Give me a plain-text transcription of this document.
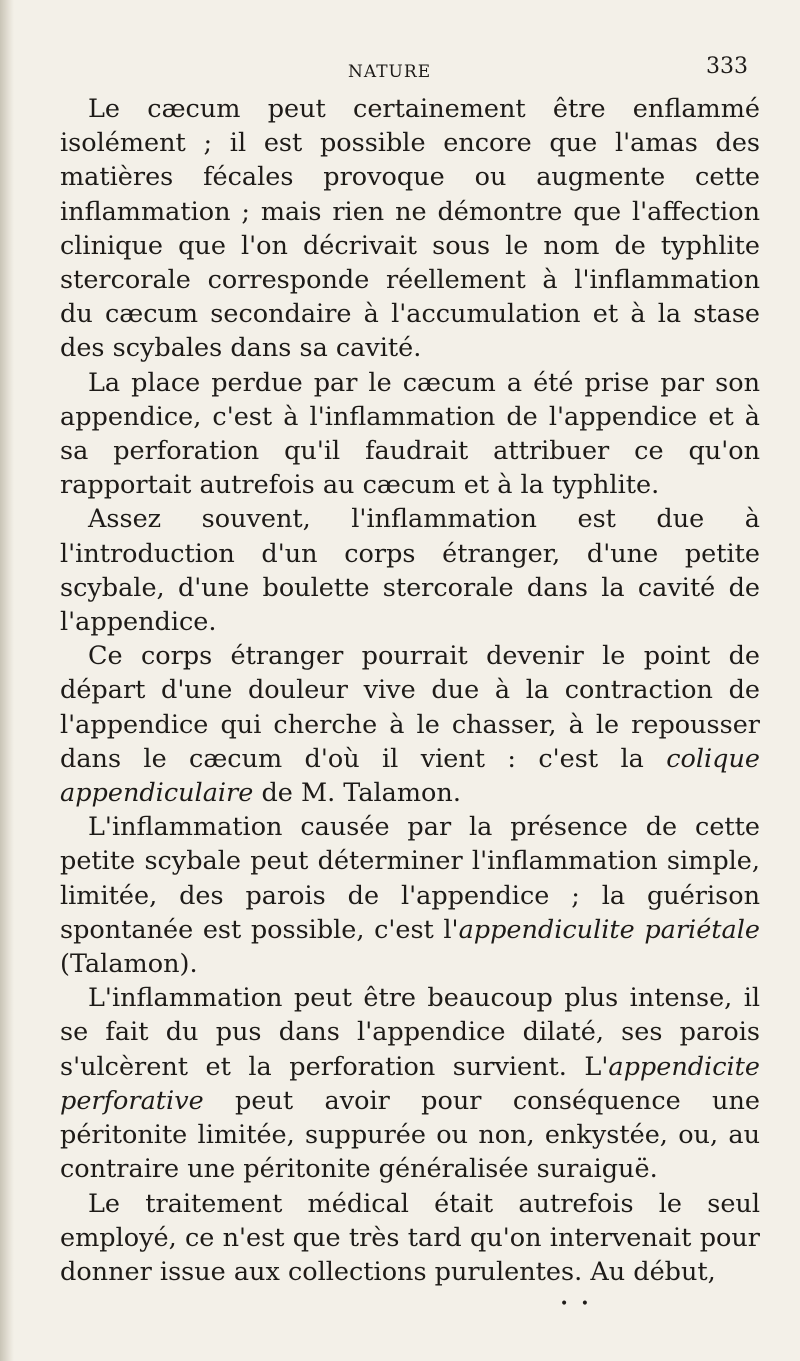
NATURE	333

Le cæcum peut certainement être enflammé isolément ; il est possible encore que l'amas des matières fécales provoque ou augmente cette inflammation ; mais rien ne démontre que l'affection clinique que l'on décrivait sous le nom de typhlite stercorale corresponde réellement à l'inflammation du cæcum secondaire à l'accumulation et à la stase des scybales dans sa cavité.

La place perdue par le cæcum a été prise par son appendice, c'est à l'inflammation de l'appendice et à sa perforation qu'il faudrait attribuer ce qu'on rapportait autrefois au cæcum et à la typhlite.

Assez souvent, l'inflammation est due à l'introduction d'un corps étranger, d'une petite scybale, d'une boulette stercorale dans la cavité de l'appendice.

Ce corps étranger pourrait devenir le point de départ d'une douleur vive due à la contraction de l'appendice qui cherche à le chasser, à le repousser dans le cæcum d'où il vient : c'est la colique appendiculaire de M. Talamon.

L'inflammation causée par la présence de cette petite scybale peut déterminer l'inflammation simple, limitée, des parois de l'appendice ; la guérison spontanée est possible, c'est l'appendiculite pariétale (Talamon).

L'inflammation peut être beaucoup plus intense, il se fait du pus dans l'appendice dilaté, ses parois s'ulcèrent et la perforation survient. L'appendicite perforative peut avoir pour conséquence une péritonite limitée, suppurée ou non, enkystée, ou, au contraire une péritonite généralisée suraiguë.

Le traitement médical était autrefois le seul employé, ce n'est que très tard qu'on intervenait pour donner issue aux collections purulentes. Au début,

• •
